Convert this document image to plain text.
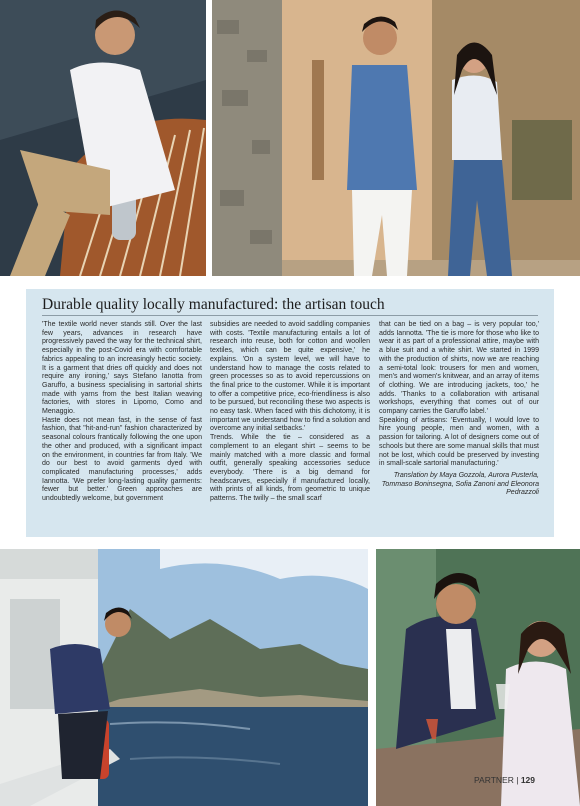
Durable quality locally manufactured: the artisan touch

'The textile world never stands still. Over the last few years, advances in research have progressively paved the way for the technical shirt, especially in the post-Covid era with comfortable fabrics appealing to an increasingly hectic society. It is a garment that dries off quickly and does not require any ironing,' says Stefano Ianotta from Garuffo, a business specialising in sartorial shirts made with yarns from the best Italian weaving factories, with stores in Lipomo, Como and Menaggio.

Haste does not mean fast, in the sense of fast fashion, that "hit-and-run" fashion characterized by seasonal colours frantically following the one upon the other and produced, with a significant impact on the environment, in countries far from Italy. 'We do our best to avoid garments dyed with complicated manufacturing processes,' adds Iannotta. 'We prefer long-lasting quality garments: fewer but better.' Green approaches are undoubtedly welcome, but government

subsidies are needed to avoid saddling companies with costs. 'Textile manufacturing entails a lot of research into reuse, both for cotton and woollen textiles, which can be quite expensive,' he explains. 'On a system level, we will have to understand how to manage the costs related to green processes so as to avoid repercussions on the final price to the customer. While it is important to offer a competitive price, eco-friendliness is also to be pursued, but reconciling these two aspects is no easy task. When faced with this dichotomy, it is important we understand how to find a solution and overcome any initial setbacks.'

Trends. While the tie – considered as a complement to an elegant shirt – seems to be mainly matched with a more classic and formal outfit, generally speaking accessories seduce everybody. 'There is a big demand for headscarves, especially if manufactured locally, with prints of all kinds, from geometric to unique patterns. The twilly – the small scarf

that can be tied on a bag – is very popular too,' adds Iannotta. 'The tie is more for those who like to wear it as part of a professional attire, maybe with a blue suit and a white shirt. We started in 1999 with the production of shirts, now we are reaching a semi-total look: trousers for men and women, men's and women's knitwear, and an array of items of clothing. We are introducing jackets, too,' he adds. 'Thanks to a collaboration with artisanal workshops, everything that comes out of our company carries the Garuffo label.'

Speaking of artisans: 'Eventually, I would love to hire young people, men and women, with a passion for tailoring. A lot of designers come out of schools but there are some manual skills that must not be lost, which could be preserved by investing in small-scale sartorial manufacturing.'

Translation by Maya Gozzola, Aurora Pusterla, Tommaso Boninsegna, Sofia Zanoni and Eleonora Pedrazzoli

PARTNER | 129
